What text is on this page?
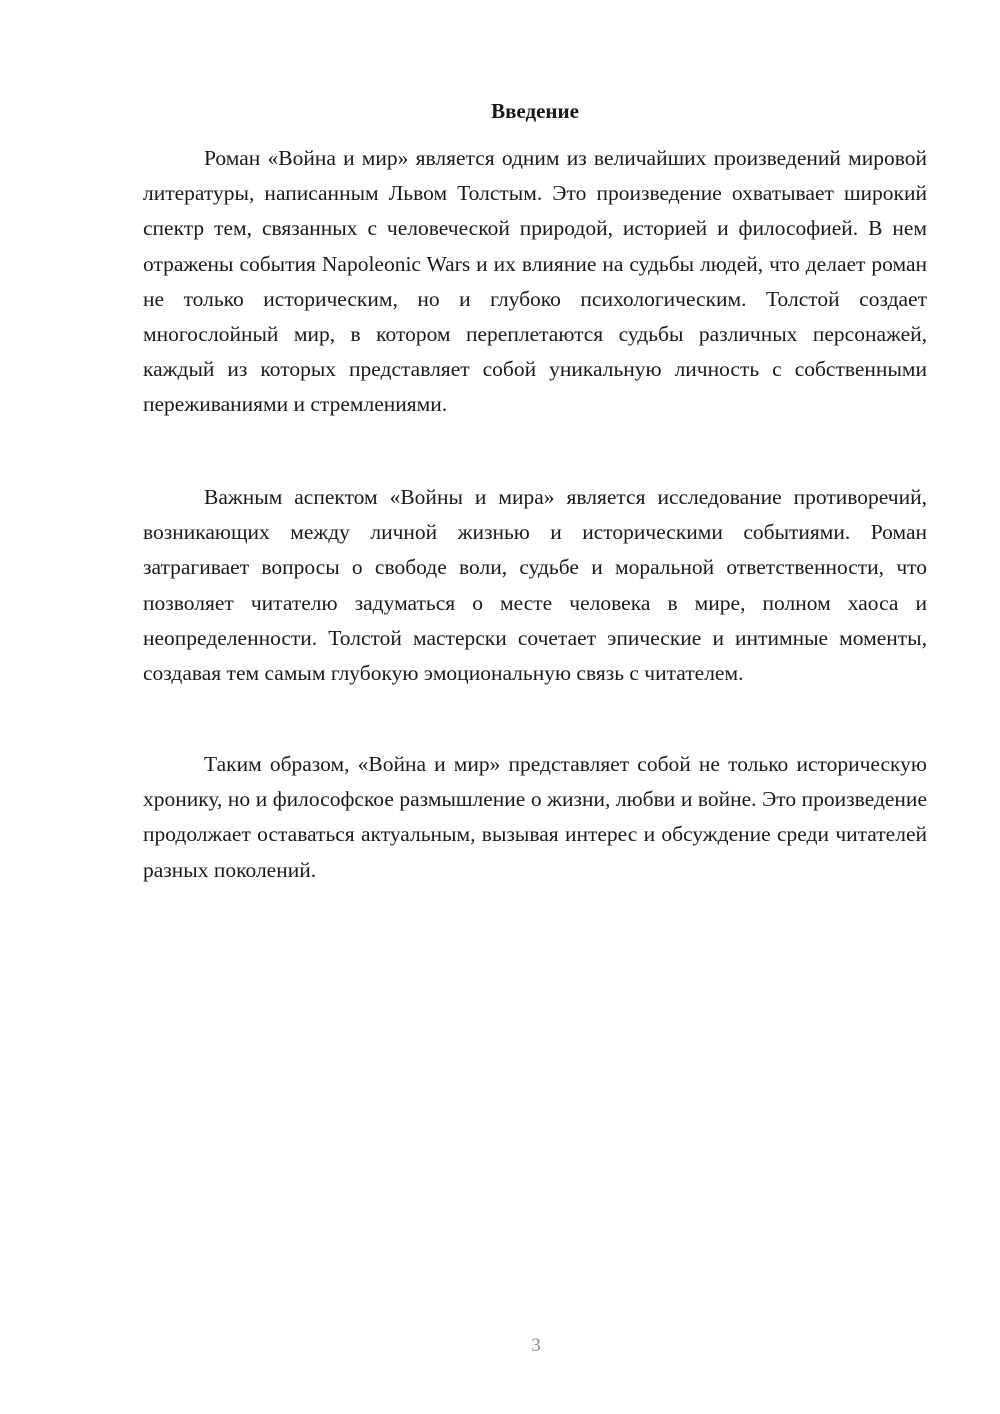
Введение

Роман «Война и мир» является одним из величайших произведений мировой литературы, написанным Львом Толстым. Это произведение охватывает широкий спектр тем, связанных с человеческой природой, историей и философией. В нем отражены события Napoleonic Wars и их влияние на судьбы людей, что делает роман не только историческим, но и глубоко психологическим. Толстой создает многослойный мир, в котором переплетаются судьбы различных персонажей, каждый из которых представляет собой уникальную личность с собственными переживаниями и стремлениями.

Важным аспектом «Войны и мира» является исследование противоречий, возникающих между личной жизнью и историческими событиями. Роман затрагивает вопросы о свободе воли, судьбе и моральной ответственности, что позволяет читателю задуматься о месте человека в мире, полном хаоса и неопределенности. Толстой мастерски сочетает эпические и интимные моменты, создавая тем самым глубокую эмоциональную связь с читателем.

Таким образом, «Война и мир» представляет собой не только историческую хронику, но и философское размышление о жизни, любви и войне. Это произведение продолжает оставаться актуальным, вызывая интерес и обсуждение среди читателей разных поколений.

3
